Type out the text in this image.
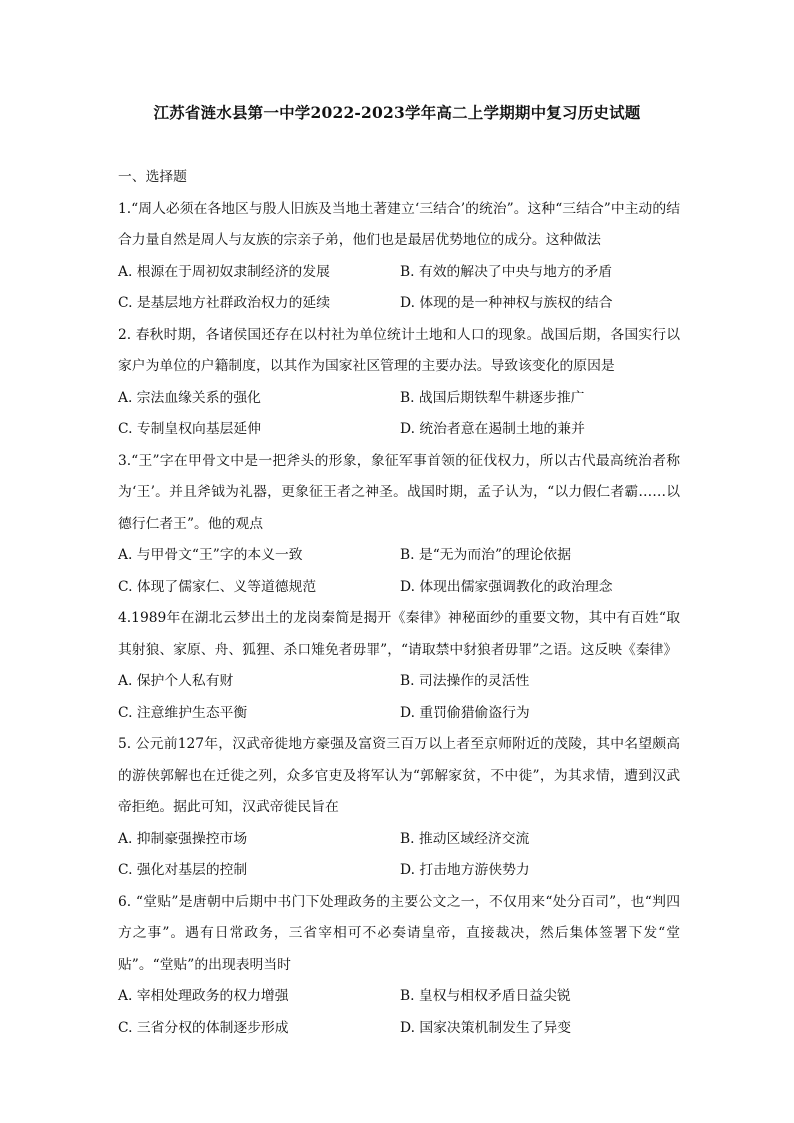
江苏省涟水县第一中学2022-2023学年高二上学期期中复习历史试题
一、选择题
1.“周人必须在各地区与殷人旧族及当地土著建立‘三结合’的统治”。这种“三结合”中主动的结合力量自然是周人与友族的宗亲子弟，他们也是最居优势地位的成分。这种做法
A. 根源在于周初奴隶制经济的发展	B. 有效的解决了中央与地方的矛盾
C. 是基层地方社群政治权力的延续	D. 体现的是一种神权与族权的结合
2. 春秋时期，各诸侯国还存在以村社为单位统计土地和人口的现象。战国后期，各国实行以家户为单位的户籍制度，以其作为国家社区管理的主要办法。导致该变化的原因是
A. 宗法血缘关系的强化	B. 战国后期铁犁牛耕逐步推广
C. 专制皇权向基层延伸	D. 统治者意在遏制土地的兼并
3.“王”字在甲骨文中是一把斧头的形象，象征军事首领的征伐权力，所以古代最高统治者称为‘王’。并且斧钺为礼器，更象征王者之神圣。战国时期，孟子认为，“以力假仁者霸……以德行仁者王”。他的观点
A. 与甲骨文“王”字的本义一致	B. 是“无为而治”的理论依据
C. 体现了儒家仁、义等道德规范	D. 体现出儒家强调教化的政治理念
4.1989年在湖北云梦出土的龙岗秦简是揭开《秦律》神秘面纱的重要文物，其中有百姓“取其射狼、家原、舟、狐狸、杀口雉免者毋罪”，“请取禁中豺狼者毋罪”之语。这反映《秦律》
A. 保护个人私有财	B. 司法操作的灵活性
C. 注意维护生态平衡	D. 重罚偷猎偷盗行为
5. 公元前127年，汉武帝徙地方豪强及富资三百万以上者至京师附近的茂陵，其中名望颇高的游侠郭解也在迁徙之列，众多官吏及将军认为“郭解家贫，不中徙”，为其求情，遭到汉武帝拒绝。据此可知，汉武帝徙民旨在
A. 抑制豪强操控市场	B. 推动区域经济交流
C. 强化对基层的控制	D. 打击地方游侠势力
6. “堂贴”是唐朝中后期中书门下处理政务的主要公文之一，不仅用来“处分百司”，也“判四方之事”。遇有日常政务，三省宰相可不必奏请皇帝，直接裁决，然后集体签署下发“堂贴”。“堂贴”的出现表明当时
A. 宰相处理政务的权力增强	B. 皇权与相权矛盾日益尖锐
C. 三省分权的体制逐步形成	D. 国家决策机制发生了异变
